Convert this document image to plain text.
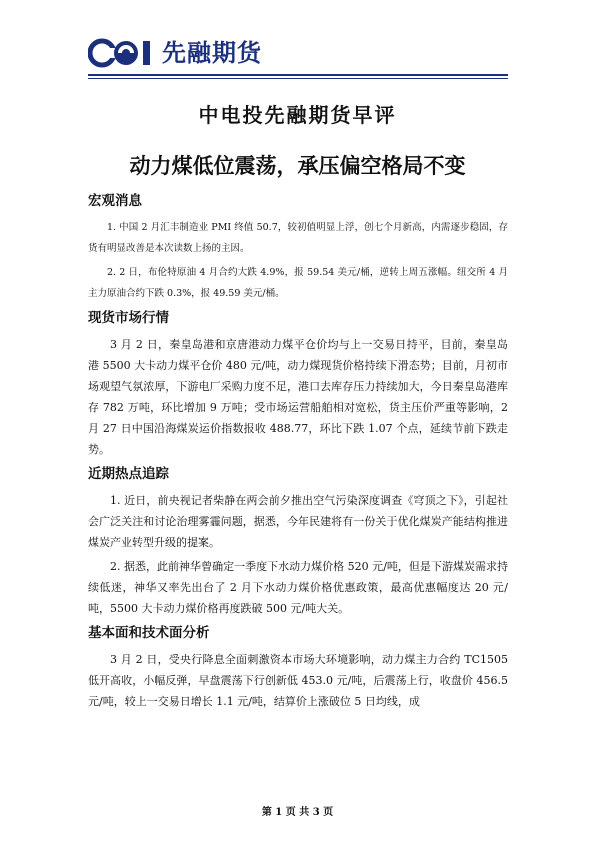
先融期货
中电投先融期货早评
动力煤低位震荡，承压偏空格局不变
宏观消息

1. 中国 2 月汇丰制造业 PMI 终值 50.7，较初值明显上浮，创七个月新高，内需逐步稳固，存货有明显改善是本次读数上扬的主因。

2. 2 日，布伦特原油 4 月合约大跌 4.9%，报 59.54 美元/桶，逆转上周五涨幅。纽交所 4 月主力原油合约下跌 0.3%，报 49.59 美元/桶。

现货市场行情

3 月 2 日，秦皇岛港和京唐港动力煤平仓价均与上一交易日持平，目前，秦皇岛港 5500 大卡动力煤平仓价 480 元/吨，动力煤现货价格持续下滑态势；目前，月初市场观望气氛浓厚，下游电厂采购力度不足，港口去库存压力持续加大，今日秦皇岛港库存 782 万吨，环比增加 9 万吨；受市场运营船舶相对宽松，货主压价严重等影响，2 月 27 日中国沿海煤炭运价指数报收 488.77，环比下跌 1.07 个点，延续节前下跌走势。

近期热点追踪

1. 近日，前央视记者柴静在两会前夕推出空气污染深度调查《穹顶之下》，引起社会广泛关注和讨论治理雾霾问题，据悉，今年民建将有一份关于优化煤炭产能结构推进煤炭产业转型升级的提案。

2. 据悉，此前神华曾确定一季度下水动力煤价格 520 元/吨，但是下游煤炭需求持续低迷，神华又率先出台了 2 月下水动力煤价格优惠政策，最高优惠幅度达 20 元/吨，5500 大卡动力煤价格再度跌破 500 元/吨大关。

基本面和技术面分析

3 月 2 日，受央行降息全面刺激资本市场大环境影响，动力煤主力合约 TC1505 低开高收，小幅反弹，早盘震荡下行创新低 453.0 元/吨，后震荡上行，收盘价 456.5 元/吨，较上一交易日增长 1.1 元/吨，结算价上涨破位 5 日均线，成

第 1 页 共 3 页
